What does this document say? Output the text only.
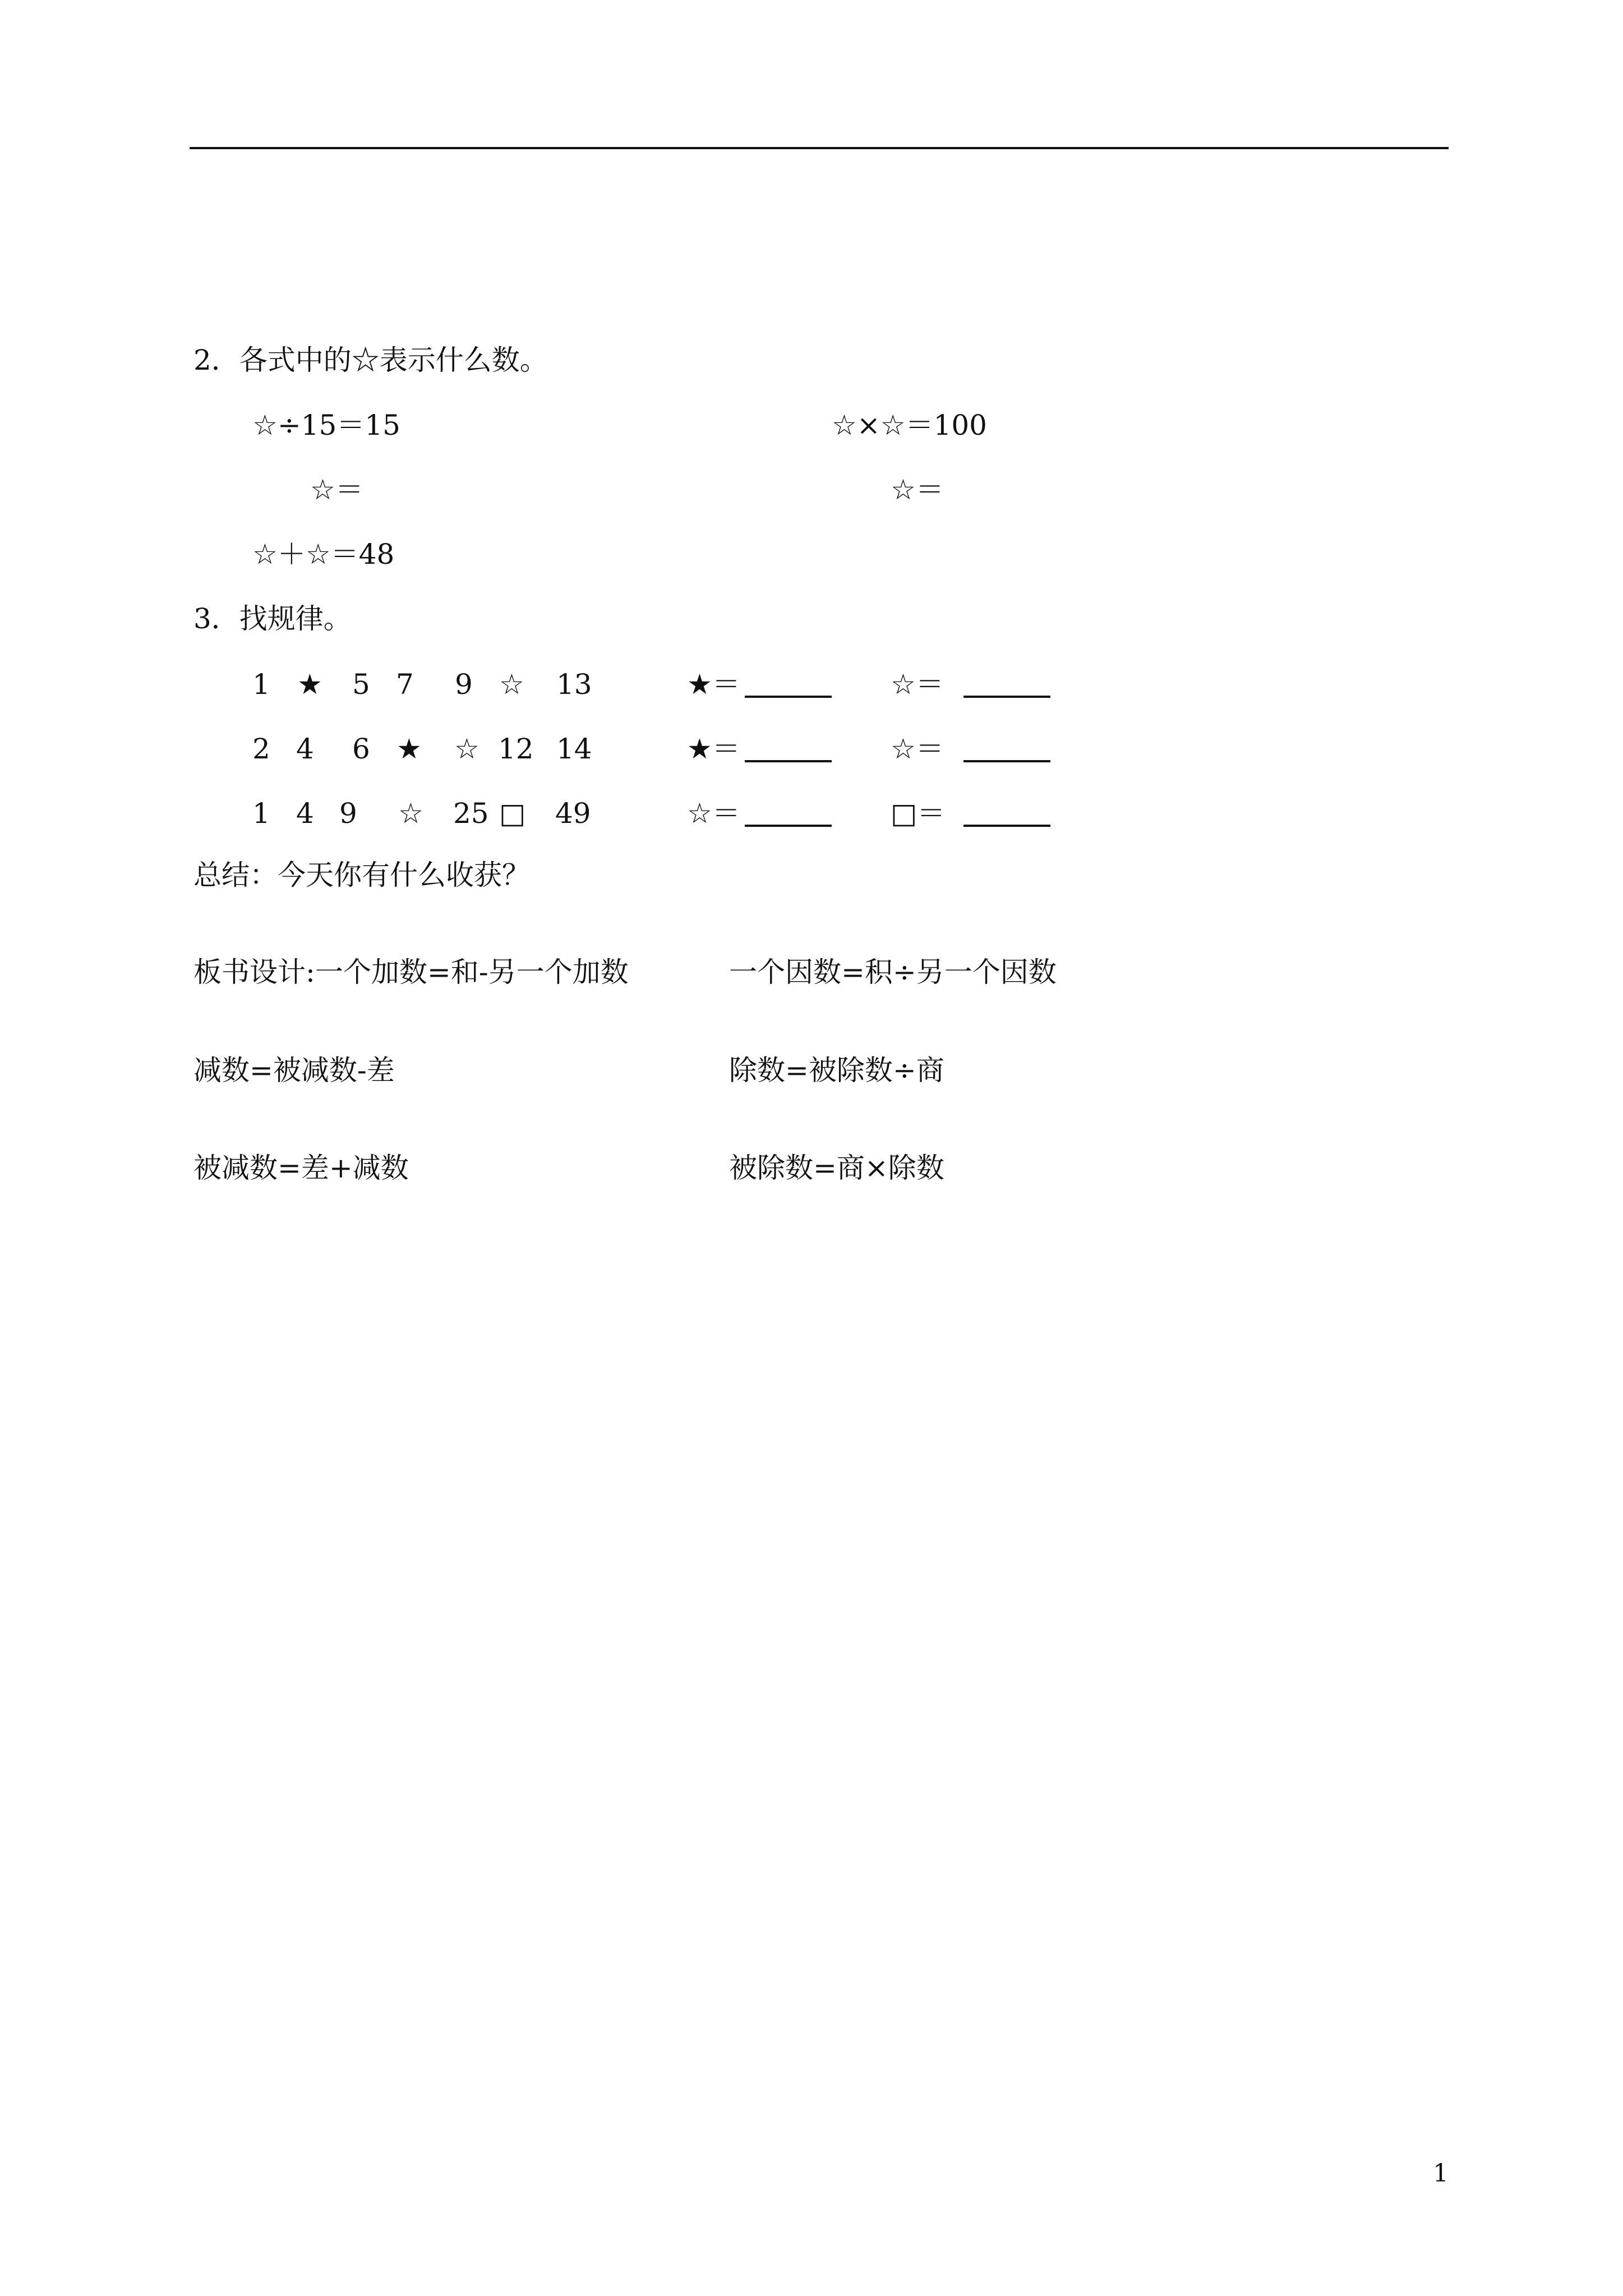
2．各式中的☆表示什么数。
☆÷15＝15	☆×☆＝100
☆＝	☆＝
☆＋☆＝48
3．找规律。
1 ★ 5 7 9 ☆ 13	★＝	☆＝
2 4 6 ★ ☆ 12 14	★＝	☆＝
1 4 9 ☆ 25 □ 49	☆＝	□＝
总结：今天你有什么收获？
板书设计:一个加数=和-另一个加数	一个因数=积÷另一个因数
减数=被减数-差	除数=被除数÷商
被减数=差+减数	被除数=商×除数
1
